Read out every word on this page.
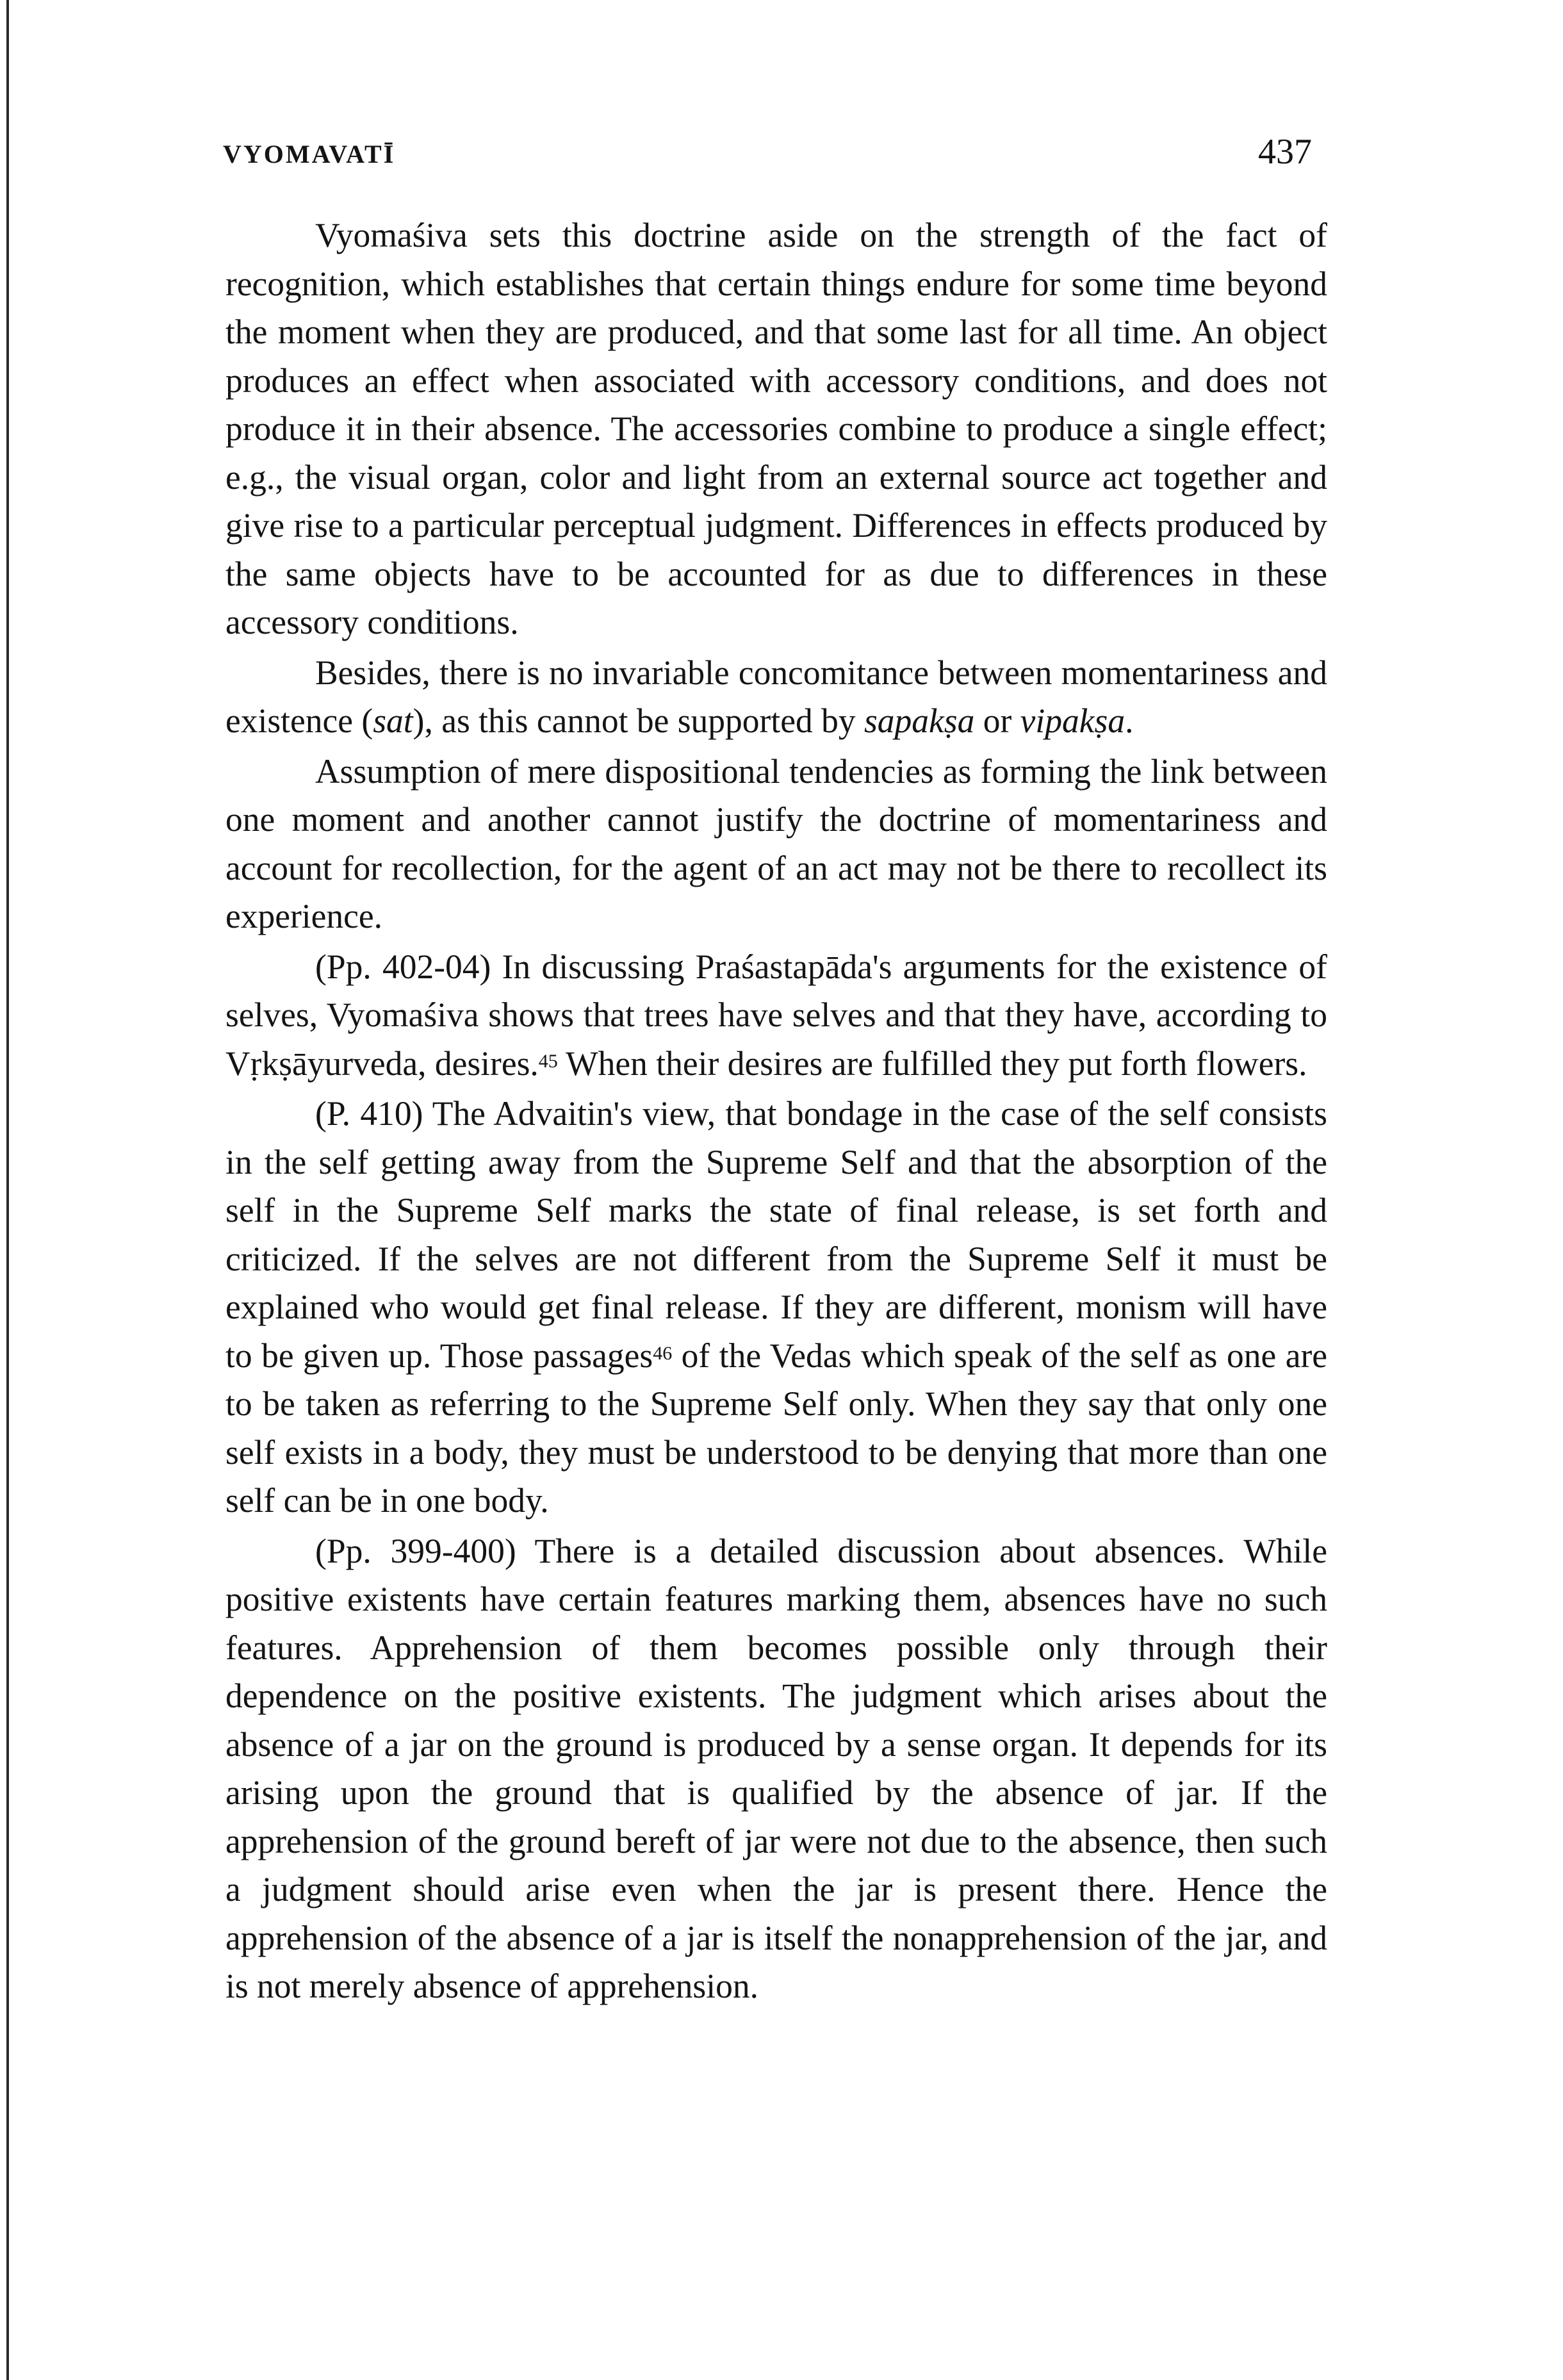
VYOMAVATĪ	437

Vyomaśiva sets this doctrine aside on the strength of the fact of recognition, which establishes that certain things endure for some time beyond the moment when they are produced, and that some last for all time. An object produces an effect when associated with accessory conditions, and does not produce it in their absence. The accessories combine to produce a single effect; e.g., the visual organ, color and light from an external source act together and give rise to a particular perceptual judgment. Differences in effects produced by the same objects have to be accounted for as due to differences in these accessory conditions.

Besides, there is no invariable concomitance between momentariness and existence (sat), as this cannot be supported by sapakṣa or vipakṣa.

Assumption of mere dispositional tendencies as forming the link between one moment and another cannot justify the doctrine of momentariness and account for recollection, for the agent of an act may not be there to recollect its experience.

(Pp. 402-04) In discussing Praśastapāda's arguments for the existence of selves, Vyomaśiva shows that trees have selves and that they have, according to Vṛkṣāyurveda, desires.$^{45}$ When their desires are fulfilled they put forth flowers.

(P. 410) The Advaitin's view, that bondage in the case of the self consists in the self getting away from the Supreme Self and that the absorption of the self in the Supreme Self marks the state of final release, is set forth and criticized. If the selves are not different from the Supreme Self it must be explained who would get final release. If they are different, monism will have to be given up. Those passages$^{46}$ of the Vedas which speak of the self as one are to be taken as referring to the Supreme Self only. When they say that only one self exists in a body, they must be understood to be denying that more than one self can be in one body.

(Pp. 399-400) There is a detailed discussion about absences. While positive existents have certain features marking them, absences have no such features. Apprehension of them becomes possible only through their dependence on the positive existents. The judgment which arises about the absence of a jar on the ground is produced by a sense organ. It depends for its arising upon the ground that is qualified by the absence of jar. If the apprehension of the ground bereft of jar were not due to the absence, then such a judgment should arise even when the jar is present there. Hence the apprehension of the absence of a jar is itself the nonapprehension of the jar, and is not merely absence of apprehension.
